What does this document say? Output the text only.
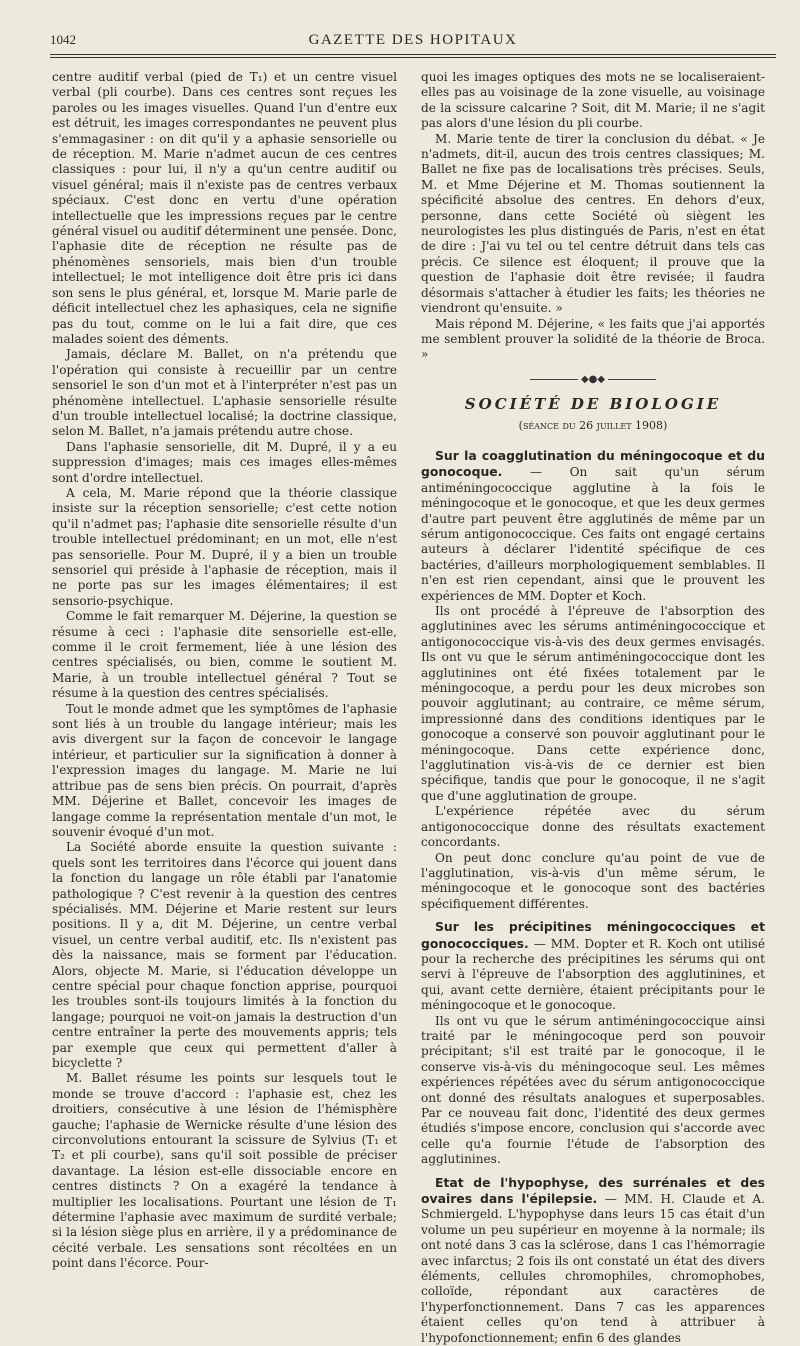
1042	GAZETTE DES HOPITAUX

centre auditif verbal (pied de T₁) et un centre visuel verbal (pli courbe). Dans ces centres sont reçues les paroles ou les images visuelles. Quand l'un d'entre eux est détruit, les images correspondantes ne peuvent plus s'emmagasiner : on dit qu'il y a aphasie sensorielle ou de réception. M. Marie n'admet aucun de ces centres classiques : pour lui, il n'y a qu'un centre auditif ou visuel général; mais il n'existe pas de centres verbaux spéciaux. C'est donc en vertu d'une opération intellectuelle que les impressions reçues par le centre général visuel ou auditif déterminent une pensée. Donc, l'aphasie dite de réception ne résulte pas de phénomènes sensoriels, mais bien d'un trouble intellectuel; le mot intelligence doit être pris ici dans son sens le plus général, et, lorsque M. Marie parle de déficit intellectuel chez les aphasiques, cela ne signifie pas du tout, comme on le lui a fait dire, que ces malades soient des déments.

Jamais, déclare M. Ballet, on n'a prétendu que l'opération qui consiste à recueillir par un centre sensoriel le son d'un mot et à l'interpréter n'est pas un phénomène intellectuel. L'aphasie sensorielle résulte d'un trouble intellectuel localisé; la doctrine classique, selon M. Ballet, n'a jamais prétendu autre chose.

Dans l'aphasie sensorielle, dit M. Dupré, il y a eu suppression d'images; mais ces images elles-mêmes sont d'ordre intellectuel.

A cela, M. Marie répond que la théorie classique insiste sur la réception sensorielle; c'est cette notion qu'il n'admet pas; l'aphasie dite sensorielle résulte d'un trouble intellectuel prédominant; en un mot, elle n'est pas sensorielle. Pour M. Dupré, il y a bien un trouble sensoriel qui préside à l'aphasie de réception, mais il ne porte pas sur les images élémentaires; il est sensorio-psychique.

Comme le fait remarquer M. Déjerine, la question se résume à ceci : l'aphasie dite sensorielle est-elle, comme il le croit fermement, liée à une lésion des centres spécialisés, ou bien, comme le soutient M. Marie, à un trouble intellectuel général ? Tout se résume à la question des centres spécialisés.

Tout le monde admet que les symptômes de l'aphasie sont liés à un trouble du langage intérieur; mais les avis divergent sur la façon de concevoir le langage intérieur, et particulier sur la signification à donner à l'expression images du langage. M. Marie ne lui attribue pas de sens bien précis. On pourrait, d'après MM. Déjerine et Ballet, concevoir les images de langage comme la représentation mentale d'un mot, le souvenir évoqué d'un mot.

La Société aborde ensuite la question suivante : quels sont les territoires dans l'écorce qui jouent dans la fonction du langage un rôle établi par l'anatomie pathologique ? C'est revenir à la question des centres spécialisés. MM. Déjerine et Marie restent sur leurs positions. Il y a, dit M. Déjerine, un centre verbal visuel, un centre verbal auditif, etc. Ils n'existent pas dès la naissance, mais se forment par l'éducation. Alors, objecte M. Marie, si l'éducation développe un centre spécial pour chaque fonction apprise, pourquoi les troubles sont-ils toujours limités à la fonction du langage; pourquoi ne voit-on jamais la destruction d'un centre entraîner la perte des mouvements appris; tels par exemple que ceux qui permettent d'aller à bicyclette ?

M. Ballet résume les points sur lesquels tout le monde se trouve d'accord : l'aphasie est, chez les droitiers, consécutive à une lésion de l'hémisphère gauche; l'aphasie de Wernicke résulte d'une lésion des circonvolutions entourant la scissure de Sylvius (T₁ et T₂ et pli courbe), sans qu'il soit possible de préciser davantage. La lésion est-elle dissociable encore en centres distincts ? On a exagéré la tendance à multiplier les localisations. Pourtant une lésion de T₁ détermine l'aphasie avec maximum de surdité verbale; si la lésion siège plus en arrière, il y a prédominance de cécité verbale. Les sensations sont récoltées en un point dans l'écorce. Pour-

quoi les images optiques des mots ne se localiseraient-elles pas au voisinage de la zone visuelle, au voisinage de la scissure calcarine ? Soit, dit M. Marie; il ne s'agit pas alors d'une lésion du pli courbe.

M. Marie tente de tirer la conclusion du débat. « Je n'admets, dit-il, aucun des trois centres classiques; M. Ballet ne fixe pas de localisations très précises. Seuls, M. et Mme Déjerine et M. Thomas soutiennent la spécificité absolue des centres. En dehors d'eux, personne, dans cette Société où siègent les neurologistes les plus distingués de Paris, n'est en état de dire : J'ai vu tel ou tel centre détruit dans tels cas précis. Ce silence est éloquent; il prouve que la question de l'aphasie doit être revisée; il faudra désormais s'attacher à étudier les faits; les théories ne viendront qu'ensuite. »

Mais répond M. Déjerine, « les faits que j'ai apportés me semblent prouver la solidité de la théorie de Broca. »

◆●◆
SOCIÉTÉ DE BIOLOGIE
(séance du 26 juillet 1908)

Sur la coagglutination du méningocoque et du gonocoque. — On sait qu'un sérum antiméningococcique agglutine à la fois le méningocoque et le gonocoque, et que les deux germes d'autre part peuvent être agglutinés de même par un sérum antigonococcique. Ces faits ont engagé certains auteurs à déclarer l'identité spécifique de ces bactéries, d'ailleurs morphologiquement semblables. Il n'en est rien cependant, ainsi que le prouvent les expériences de MM. Dopter et Koch.

Ils ont procédé à l'épreuve de l'absorption des agglutinines avec les sérums antiméningococcique et antigonococcique vis-à-vis des deux germes envisagés. Ils ont vu que le sérum antiméningococcique dont les agglutinines ont été fixées totalement par le méningocoque, a perdu pour les deux microbes son pouvoir agglutinant; au contraire, ce même sérum, impressionné dans des conditions identiques par le gonocoque a conservé son pouvoir agglutinant pour le méningocoque. Dans cette expérience donc, l'agglutination vis-à-vis de ce dernier est bien spécifique, tandis que pour le gonocoque, il ne s'agit que d'une agglutination de groupe.

L'expérience répétée avec du sérum antigonococcique donne des résultats exactement concordants.

On peut donc conclure qu'au point de vue de l'agglutination, vis-à-vis d'un même sérum, le méningocoque et le gonocoque sont des bactéries spécifiquement différentes.

Sur les précipitines méningococciques et gonococciques. — MM. Dopter et R. Koch ont utilisé pour la recherche des précipitines les sérums qui ont servi à l'épreuve de l'absorption des agglutinines, et qui, avant cette dernière, étaient précipitants pour le méningocoque et le gonocoque.

Ils ont vu que le sérum antiméningococcique ainsi traité par le méningocoque perd son pouvoir précipitant; s'il est traité par le gonocoque, il le conserve vis-à-vis du méningocoque seul. Les mêmes expériences répétées avec du sérum antigonococcique ont donné des résultats analogues et superposables. Par ce nouveau fait donc, l'identité des deux germes étudiés s'impose encore, conclusion qui s'accorde avec celle qu'a fournie l'étude de l'absorption des agglutinines.

Etat de l'hypophyse, des surrénales et des ovaires dans l'épilepsie. — MM. H. Claude et A. Schmiergeld. L'hypophyse dans leurs 15 cas était d'un volume un peu supérieur en moyenne à la normale; ils ont noté dans 3 cas la sclérose, dans 1 cas l'hémorragie avec infarctus; 2 fois ils ont constaté un état des divers éléments, cellules chromophiles, chromophobes, colloïde, répondant aux caractères de l'hyperfonctionnement. Dans 7 cas les apparences étaient celles qu'on tend à attribuer à l'hypofonctionnement; enfin 6 des glandes
